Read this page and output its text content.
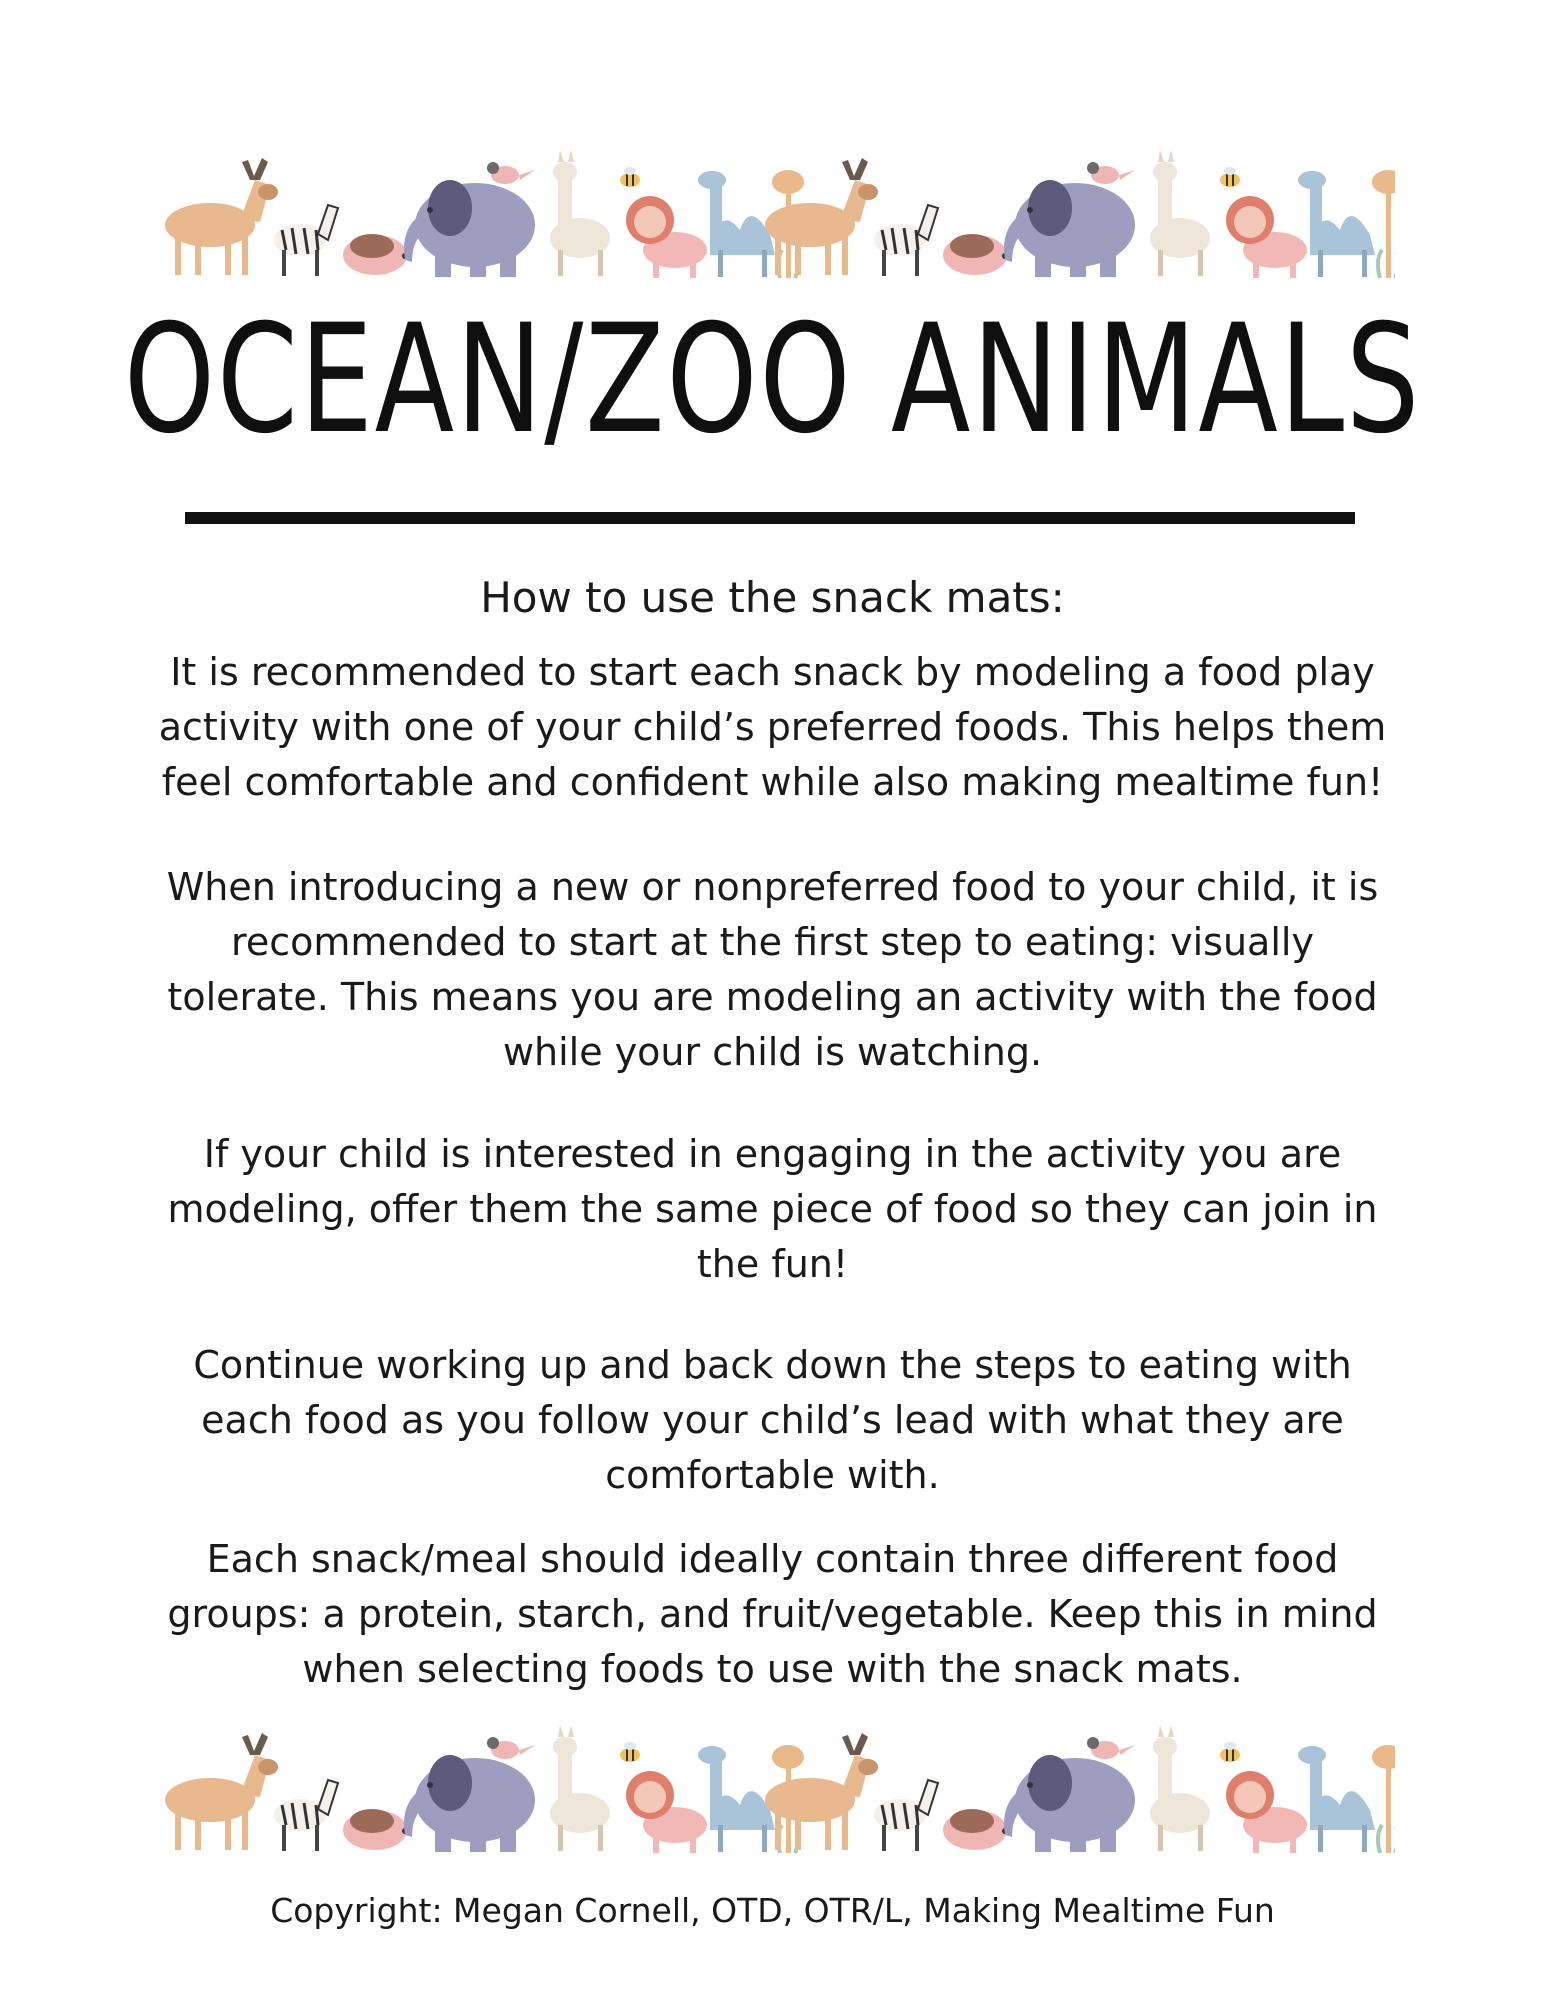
OCEAN/ZOO ANIMALS
How to use the snack mats:
It is recommended to start each snack by modeling a food play activity with one of your child’s preferred foods. This helps them feel comfortable and confident while also making mealtime fun!
When introducing a new or nonpreferred food to your child, it is recommended to start at the first step to eating: visually tolerate. This means you are modeling an activity with the food while your child is watching.
If your child is interested in engaging in the activity you are modeling, offer them the same piece of food so they can join in the fun!
Continue working up and back down the steps to eating with each food as you follow your child’s lead with what they are comfortable with.
Each snack/meal should ideally contain three different food groups: a protein, starch, and fruit/vegetable. Keep this in mind when selecting foods to use with the snack mats.
Copyright: Megan Cornell, OTD, OTR/L, Making Mealtime Fun
